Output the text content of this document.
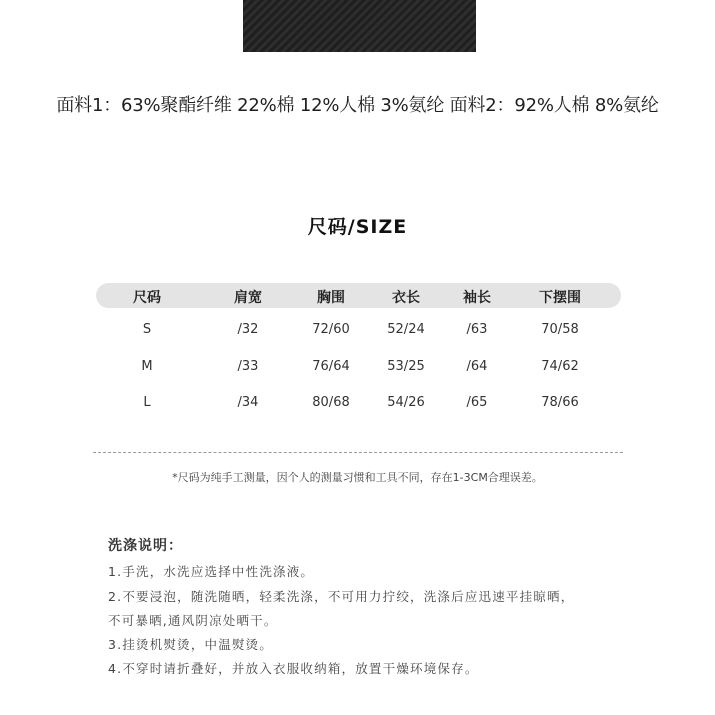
面料1：63%聚酯纤维 22%棉 12%人棉 3%氨纶 面料2：92%人棉 8%氨纶
尺码/SIZE
尺码	肩宽	胸围	衣长	袖长	下摆围
S	/32	72/60	52/24	/63	70/58
M	/33	76/64	53/25	/64	74/62
L	/34	80/68	54/26	/65	78/66
*尺码为纯手工测量，因个人的测量习惯和工具不同，存在1-3CM合理误差。
洗涤说明：
1.手洗，水洗应选择中性洗涤液。
2.不要浸泡，随洗随晒，轻柔洗涤，不可用力拧绞，洗涤后应迅速平挂晾晒，
不可暴晒,通风阴凉处晒干。
3.挂烫机熨烫，中温熨烫。
4.不穿时请折叠好，并放入衣服收纳箱，放置干燥环境保存。
